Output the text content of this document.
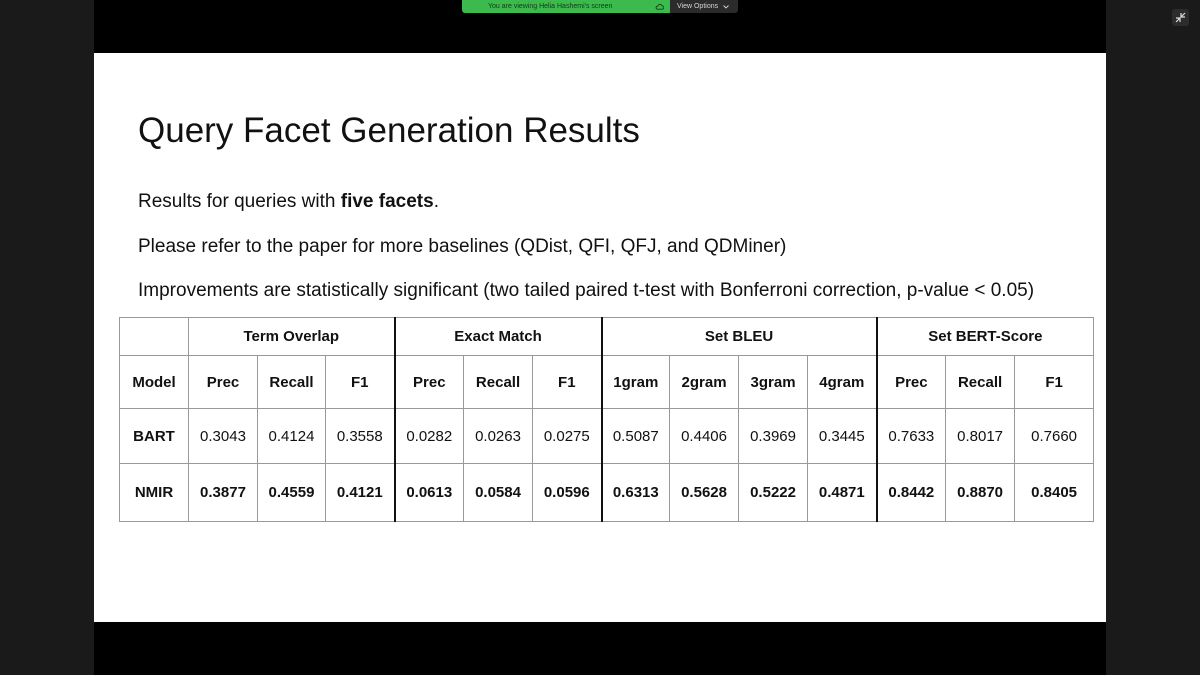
You are viewing Helia Hashemi's screen	View Options
Query Facet Generation Results

Results for queries with five facets.

Please refer to the paper for more baselines (QDist, QFI, QFJ, and QDMiner)

Improvements are statistically significant (two tailed paired t-test with Bonferroni correction, p-value < 0.05)

	Term Overlap			Exact Match			Set BLEU				Set BERT-Score		
Model	Prec	Recall	F1	Prec	Recall	F1	1gram	2gram	3gram	4gram	Prec	Recall	F1
BART	0.3043	0.4124	0.3558	0.0282	0.0263	0.0275	0.5087	0.4406	0.3969	0.3445	0.7633	0.8017	0.7660
NMIR	0.3877	0.4559	0.4121	0.0613	0.0584	0.0596	0.6313	0.5628	0.5222	0.4871	0.8442	0.8870	0.8405
